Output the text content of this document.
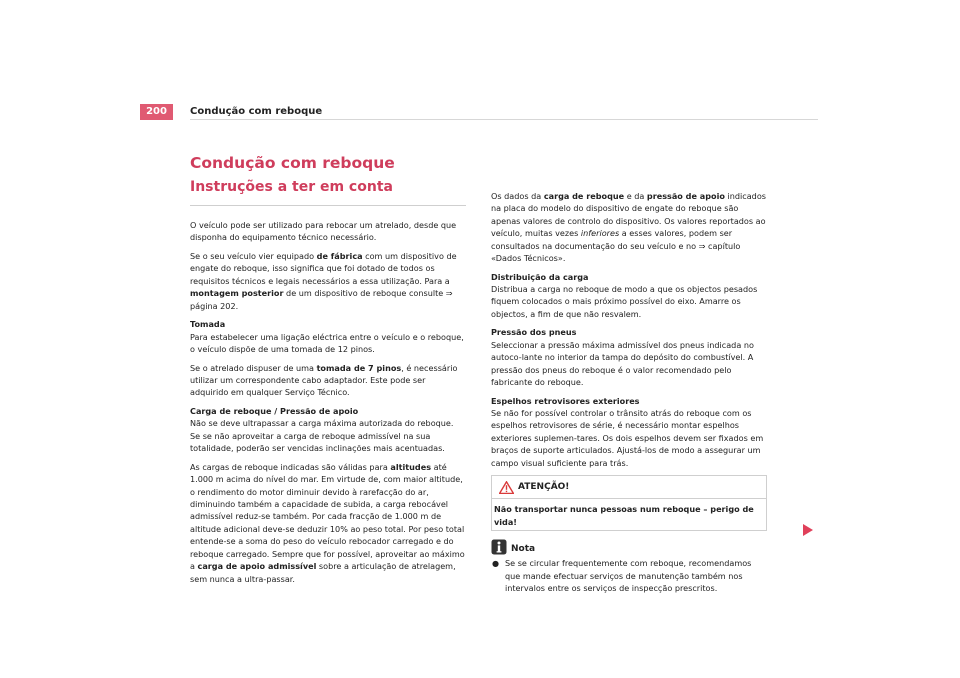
200	Condução com reboque
Condução com reboque
Instruções a ter em conta

O veículo pode ser utilizado para rebocar um atrelado, desde que disponha do equipamento técnico necessário.

Se o seu veículo vier equipado de fábrica com um dispositivo de engate do reboque, isso significa que foi dotado de todos os requisitos técnicos e legais necessários a essa utilização. Para a montagem posterior de um dispositivo de reboque consulte ⇒ página 202.

Tomada

Para estabelecer uma ligação eléctrica entre o veículo e o reboque, o veículo dispõe de uma tomada de 12 pinos.

Se o atrelado dispuser de uma tomada de 7 pinos, é necessário utilizar um correspondente cabo adaptador. Este pode ser adquirido em qualquer Serviço Técnico.

Carga de reboque / Pressão de apoio

Não se deve ultrapassar a carga máxima autorizada do reboque. Se se não aproveitar a carga de reboque admissível na sua totalidade, poderão ser vencidas inclinações mais acentuadas.

As cargas de reboque indicadas são válidas para altitudes até 1.000 m acima do nível do mar. Em virtude de, com maior altitude, o rendimento do motor diminuir devido à rarefacção do ar, diminuindo também a capacidade de subida, a carga rebocável admissível reduz-se também. Por cada fracção de 1.000 m de altitude adicional deve-se deduzir 10% ao peso total. Por peso total entende-se a soma do peso do veículo rebocador carregado e do reboque carregado. Sempre que for possível, aproveitar ao máximo a carga de apoio admissível sobre a articulação de atrelagem, sem nunca a ultra-passar.

Os dados da carga de reboque e da pressão de apoio indicados na placa do modelo do dispositivo de engate do reboque são apenas valores de controlo do dispositivo. Os valores reportados ao veículo, muitas vezes inferiores a esses valores, podem ser consultados na documentação do seu veículo e no ⇒ capítulo «Dados Técnicos».

Distribuição da carga

Distribua a carga no reboque de modo a que os objectos pesados fiquem colocados o mais próximo possível do eixo. Amarre os objectos, a fim de que não resvalem.

Pressão dos pneus

Seleccionar a pressão máxima admissível dos pneus indicada no autoco-lante no interior da tampa do depósito do combustível. A pressão dos pneus do reboque é o valor recomendado pelo fabricante do reboque.

Espelhos retrovisores exteriores

Se não for possível controlar o trânsito atrás do reboque com os espelhos retrovisores de série, é necessário montar espelhos exteriores suplemen-tares. Os dois espelhos devem ser fixados em braços de suporte articulados. Ajustá-los de modo a assegurar um campo visual suficiente para trás.

ATENÇÃO!
Não transportar nunca pessoas num reboque – perigo de vida!
Nota

● Se se circular frequentemente com reboque, recomendamos que mande efectuar serviços de manutenção também nos intervalos entre os serviços de inspecção prescritos.
